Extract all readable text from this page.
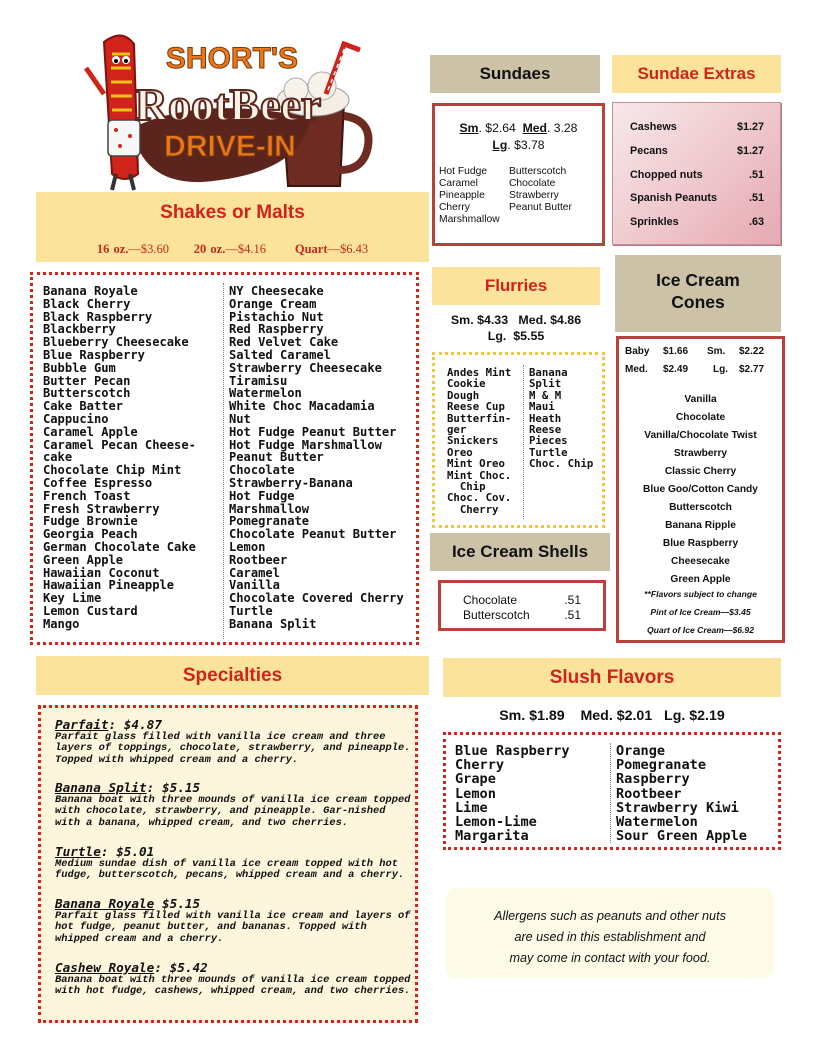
SHORT'S
RootBeer
DRIVE-IN
Shakes or Malts
16 oz.—$3.60 20 oz.—$4.16 Quart—$6.43
Banana Royale
Black Cherry
Black Raspberry
Blackberry
Blueberry Cheesecake
Blue Raspberry
Bubble Gum
Butter Pecan
Butterscotch
Cake Batter
Cappucino
Caramel Apple
Caramel Pecan Cheese-
cake
Chocolate Chip Mint
Coffee Espresso
French Toast
Fresh Strawberry
Fudge Brownie
Georgia Peach
German Chocolate Cake
Green Apple
Hawaiian Coconut
Hawaiian Pineapple
Key Lime
Lemon Custard
Mango
NY Cheesecake
Orange Cream
Pistachio Nut
Red Raspberry
Red Velvet Cake
Salted Caramel
Strawberry Cheesecake
Tiramisu
Watermelon
White Choc Macadamia
Nut
Hot Fudge Peanut Butter
Hot Fudge Marshmallow
Peanut Butter
Chocolate
Strawberry-Banana
Hot Fudge
Marshmallow
Pomegranate
Chocolate Peanut Butter
Lemon
Rootbeer
Caramel
Vanilla
Chocolate Covered Cherry
Turtle
Banana Split
Sundaes
Sm. $2.64 Med. 3.28
Lg. $3.78
Hot Fudge
Caramel
Pineapple
Cherry
Marshmallow
Butterscotch
Chocolate
Strawberry
Peanut Butter
Sundae Extras
Cashews	$1.27
Pecans	$1.27
Chopped nuts	.51
Spanish Peanuts	.51
Sprinkles	.63
Flurries
Sm. $4.33   Med. $4.86
Lg.  $5.55
Andes Mint
Cookie
Dough
Reese Cup
Butterfin-
ger
Snickers
Oreo
Mint Oreo
Mint Choc.
Chip
Choc. Cov.
Cherry
Banana
Split
M & M
Maui
Heath
Reese
Pieces
Turtle
Choc. Chip
Ice Cream Shells
Chocolate	.51
Butterscotch	.51
Ice Cream
Cones
Baby $1.66 Sm. $2.22
Med. $2.49 Lg. $2.77
Vanilla
Chocolate
Vanilla/Chocolate Twist
Strawberry
Classic Cherry
Blue Goo/Cotton Candy
Butterscotch
Banana Ripple
Blue Raspberry
Cheesecake
Green Apple
**Flavors subject to change
Pint of Ice Cream—$3.45
Quart of Ice Cream—$6.92
Specialties
Parfait: $4.87
Parfait glass filled with vanilla ice cream and three layers of toppings, chocolate, strawberry, and pineapple. Topped with whipped cream and a cherry.
Banana Split: $5.15
Banana boat with three mounds of vanilla ice cream topped with chocolate, strawberry, and pineapple. Gar-nished with a banana, whipped cream, and two cherries.
Turtle: $5.01
Medium sundae dish of vanilla ice cream topped with hot fudge, butterscotch, pecans, whipped cream and a cherry.
Banana Royale $5.15
Parfait glass filled with vanilla ice cream and layers of hot fudge, peanut butter, and bananas. Topped with whipped cream and a cherry.
Cashew Royale: $5.42
Banana boat with three mounds of vanilla ice cream topped with hot fudge, cashews, whipped cream, and two cherries.
Slush Flavors
Sm. $1.89    Med. $2.01   Lg. $2.19
Blue Raspberry
Cherry
Grape
Lemon
Lime
Lemon-Lime
Margarita
Orange
Pomegranate
Raspberry
Rootbeer
Strawberry Kiwi
Watermelon
Sour Green Apple
Allergens such as peanuts and other nuts
are used in this establishment and
may come in contact with your food.
